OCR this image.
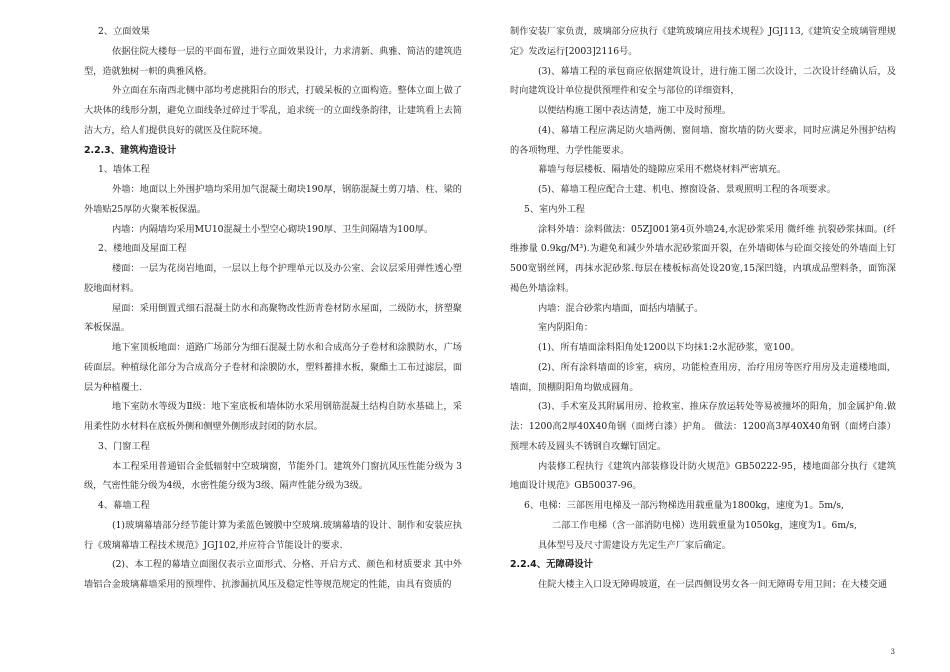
2、立面效果

依据住院大楼每一层的平面布置，进行立面效果设计，力求清新、典雅、简洁的建筑造型，造就独树一帜的典雅风格。

外立面在东南西北侧中部均考虑挑阳台的形式，打破呆板的立面构造。整体立面上做了大块体的线形分割，避免立面线条过碎过于零乱，追求统一的立面线条韵律，让建筑看上去简洁大方，给人们提供良好的就医及住院环境。

2.2.3、建筑构造设计

1、墙体工程

外墙：地面以上外围护墙均采用加气混凝土砌块190厚，钢筋混凝土剪刀墙、柱、梁的外墙贴25厚防火聚苯板保温。

内墙：内隔墙均采用MU10混凝土小型空心砌块190厚、卫生间隔墙为100厚。

2、楼地面及屋面工程

楼面：一层为花岗岩地面，一层以上每个护理单元以及办公室、会议层采用弹性透心塑胶地面材料。

屋面：采用倒置式细石混凝土防水和高聚物改性沥青卷材防水屋面，二级防水，挤塑聚苯板保温。

地下室顶板地面：道路广场部分为细石混凝土防水和合成高分子卷材和涂膜防水，广场砖面层。种植绿化部分为合成高分子卷材和涂膜防水，塑料蓄排水板，聚酯土工布过滤层，面层为种植覆土.

地下室防水等级为Ⅱ级：地下室底板和墙体防水采用钢筋混凝土结构自防水基础上，采用柔性防水材料在底板外侧和侧壁外侧形成封闭的防水层。

3、门窗工程

本工程采用普通铝合金低辐射中空玻璃窗，节能外门。建筑外门窗抗风压性能分级为 3级，气密性能分级为4级，水密性能分级为3级、隔声性能分级为3级。

4、幕墙工程

(1)玻璃幕墙部分经节能计算为柔蓝色镀膜中空玻璃.玻璃幕墙的设计、制作和安装应执行《玻璃幕墙工程技术规范》JGJ102,并应符合节能设计的要求.

(2)、本工程的幕墙立面图仅表示立面形式、分格、开启方式、颜色和材质要求 其中外墙铝合金玻璃幕墙采用的预埋件、抗渗漏抗风压及稳定性等规范规定的性能，由具有资质的

制作安装厂家负责，玻璃部分应执行《建筑玻璃应用技术规程》JGJ113,《建筑安全玻璃管理规定》发改运行[2003]2116号。

(3)、幕墙工程的承包商应依据建筑设计，进行施工图二次设计，二次设计经确认后，及时向建筑设计单位提供预埋件和安全与部位的详细资料，

以便结构施工图中表达清楚，施工中及时预埋。

(4)、幕墙工程应满足防火墙两侧、窗间墙、窗坎墙的防火要求，同时应满足外围护结构的各项物理、力学性能要求。

幕墙与每层楼板、隔墙处的缝隙应采用不燃烧材料严密填充。

(5)、幕墙工程应配合土建、机电、擦窗设备、景观照明工程的各项要求。

5、室内外工程

涂料外墙：涂料做法：05ZJ001第4页外墙24,水泥砂浆采用 微纤维 抗裂砂浆抹面。(纤维掺量 0.9kg/M³).为避免和减少外墙水泥砂浆面开裂，在外墙砌体与砼面交接处的外墙面上钉500宽钢丝网，再抹水泥砂浆.每层在楼板标高处设20宽,15深凹缝，内填成品塑料条，面饰深褐色外墙涂料。

内墙：混合砂浆内墙面，面括内墙腻子。

室内阴阳角：

(1)、所有墙面涂料阳角处1200以下均抹1:2水泥砂浆，宽100。

(2)、所有涂料墙面的诊室，病房，功能检查用房，治疗用房等医疗用房及走道楼地面，墙面，顶棚阴阳角均做成圆角。

(3)、手术室及其附属用房、抢救室、推床存放运转处等易被撞坏的阳角，加金属护角.做法：1200高2厚40X40角钢（面烤白漆）护角。 做法：1200高3厚40X40角钢（面烤白漆）预埋木砖及圆头不锈钢自攻螺钉固定。

内装修工程执行《建筑内部装修设计防火规范》GB50222-95，楼地面部分执行《建筑地面设计规范》GB50037-96。

6、电梯：三部医用电梯及一部污物梯选用载重量为1800kg，速度为1。5m/s,

二部工作电梯（含一部消防电梯）选用载重量为1050kg，速度为1。6m/s,

具体型号及尺寸需建设方先定生产厂家后确定。

2.2.4、无障碍设计

住院大楼主入口设无障碍坡道，在一层西侧设男女各一间无障碍专用卫间；在大楼交通

3
